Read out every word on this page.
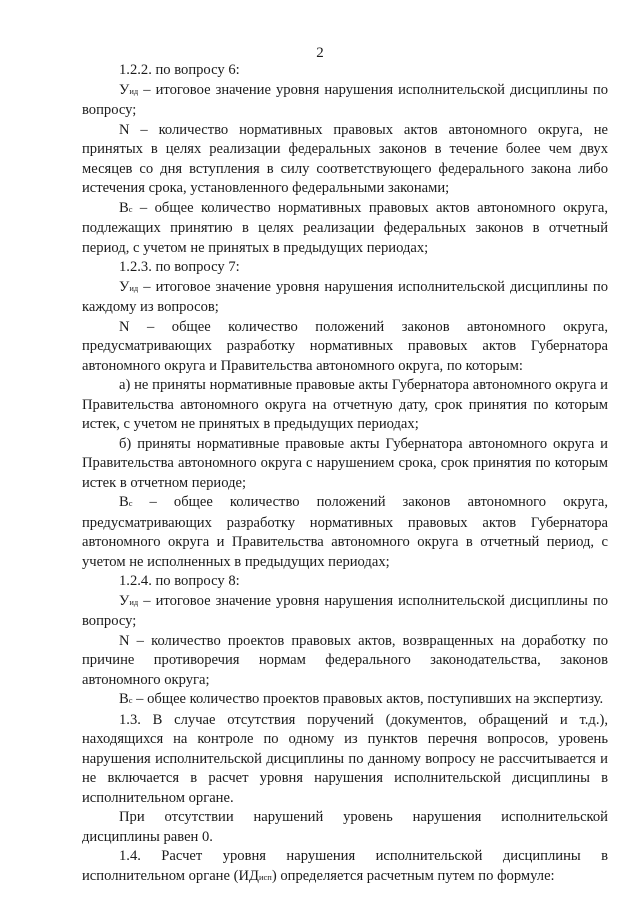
2

1.2.2. по вопросу 6:

Уид – итоговое значение уровня нарушения исполнительской дисциплины по вопросу;

N – количество нормативных правовых актов автономного округа, не принятых в целях реализации федеральных законов в течение более чем двух месяцев со дня вступления в силу соответствующего федерального закона либо истечения срока, установленного федеральными законами;

Вс – общее количество нормативных правовых актов автономного округа, подлежащих принятию в целях реализации федеральных законов в отчетный период, с учетом не принятых в предыдущих периодах;

1.2.3. по вопросу 7:

Уид – итоговое значение уровня нарушения исполнительской дисциплины по каждому из вопросов;

N – общее количество положений законов автономного округа, предусматривающих разработку нормативных правовых актов Губернатора автономного округа и Правительства автономного округа, по которым:

а) не приняты нормативные правовые акты Губернатора автономного округа и Правительства автономного округа на отчетную дату, срок принятия по которым истек, с учетом не принятых в предыдущих периодах;

б) приняты нормативные правовые акты Губернатора автономного округа и Правительства автономного округа с нарушением срока, срок принятия по которым истек в отчетном периоде;

Вс – общее количество положений законов автономного округа, предусматривающих разработку нормативных правовых актов Губернатора автономного округа и Правительства автономного округа в отчетный период, с учетом не исполненных в предыдущих периодах;

1.2.4. по вопросу 8:

Уид – итоговое значение уровня нарушения исполнительской дисциплины по вопросу;

N – количество проектов правовых актов, возвращенных на доработку по причине противоречия нормам федерального законодательства, законов автономного округа;

Вс – общее количество проектов правовых актов, поступивших на экспертизу.

1.3. В случае отсутствия поручений (документов, обращений и т.д.), находящихся на контроле по одному из пунктов перечня вопросов, уровень нарушения исполнительской дисциплины по данному вопросу не рассчитывается и не включается в расчет уровня нарушения исполнительской дисциплины в исполнительном органе.

При отсутствии нарушений уровень нарушения исполнительской дисциплины равен 0.

1.4. Расчет уровня нарушения исполнительской дисциплины в исполнительном органе (ИДисп) определяется расчетным путем по формуле:
